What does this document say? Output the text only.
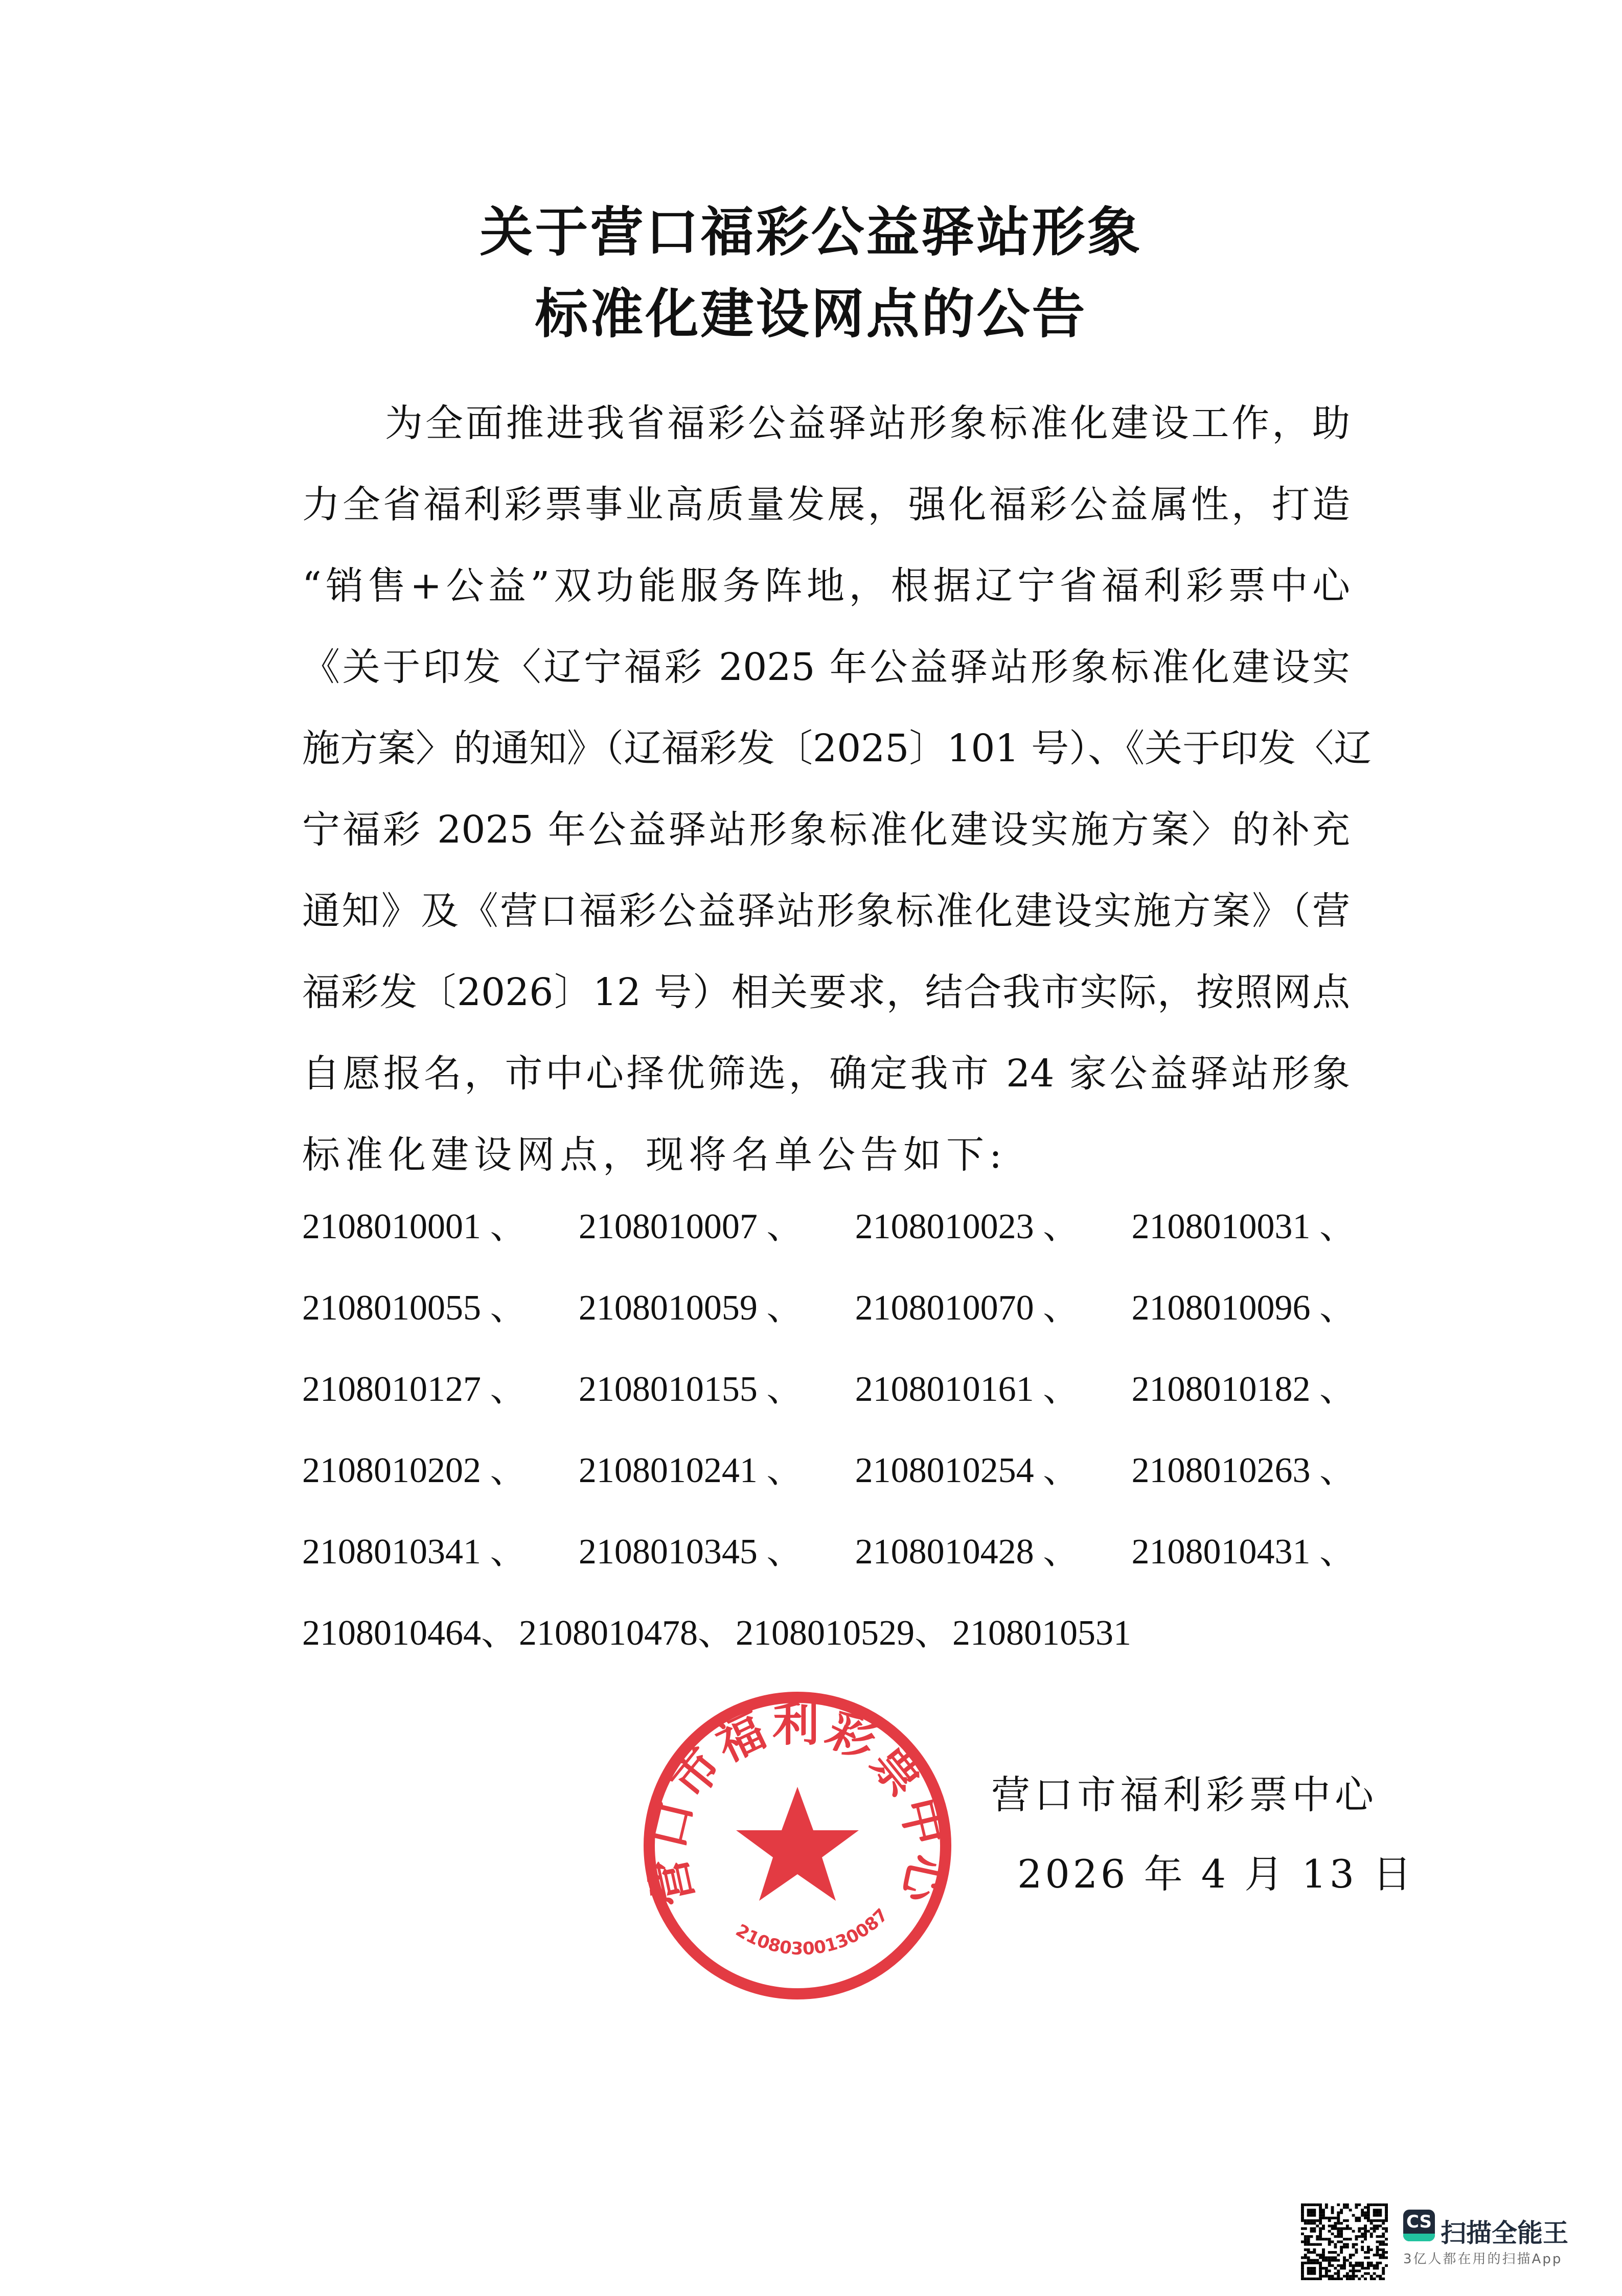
关于营口福彩公益驿站形象
标准化建设网点的公告
为全面推进我省福彩公益驿站形象标准化建设工作，助
力全省福利彩票事业高质量发展，强化福彩公益属性，打造
“销售+公益”双功能服务阵地，根据辽宁省福利彩票中心
《关于印发〈辽宁福彩 2025 年公益驿站形象标准化建设实
施方案〉的通知》（辽福彩发〔2025〕101 号）、《关于印发〈辽
宁福彩 2025 年公益驿站形象标准化建设实施方案〉的补充
通知》及《营口福彩公益驿站形象标准化建设实施方案》（营
福彩发〔2026〕12 号）相关要求，结合我市实际，按照网点
自愿报名，市中心择优筛选，确定我市 24 家公益驿站形象
标准化建设网点，现将名单公告如下:
2108010001 、 2108010007 、 2108010023 、 2108010031 、
2108010055 、 2108010059 、 2108010070 、 2108010096 、
2108010127 、 2108010155 、 2108010161 、 2108010182 、
2108010202 、 2108010241 、 2108010254 、 2108010263 、
2108010341 、 2108010345 、 2108010428 、 2108010431 、
2108010464、 2108010478、 2108010529、 2108010531
营口市福利彩票中心
21080300130087
营口市福利彩票中心
2026 年 4 月 13 日
CS 扫描全能王
3亿人都在用的扫描App
